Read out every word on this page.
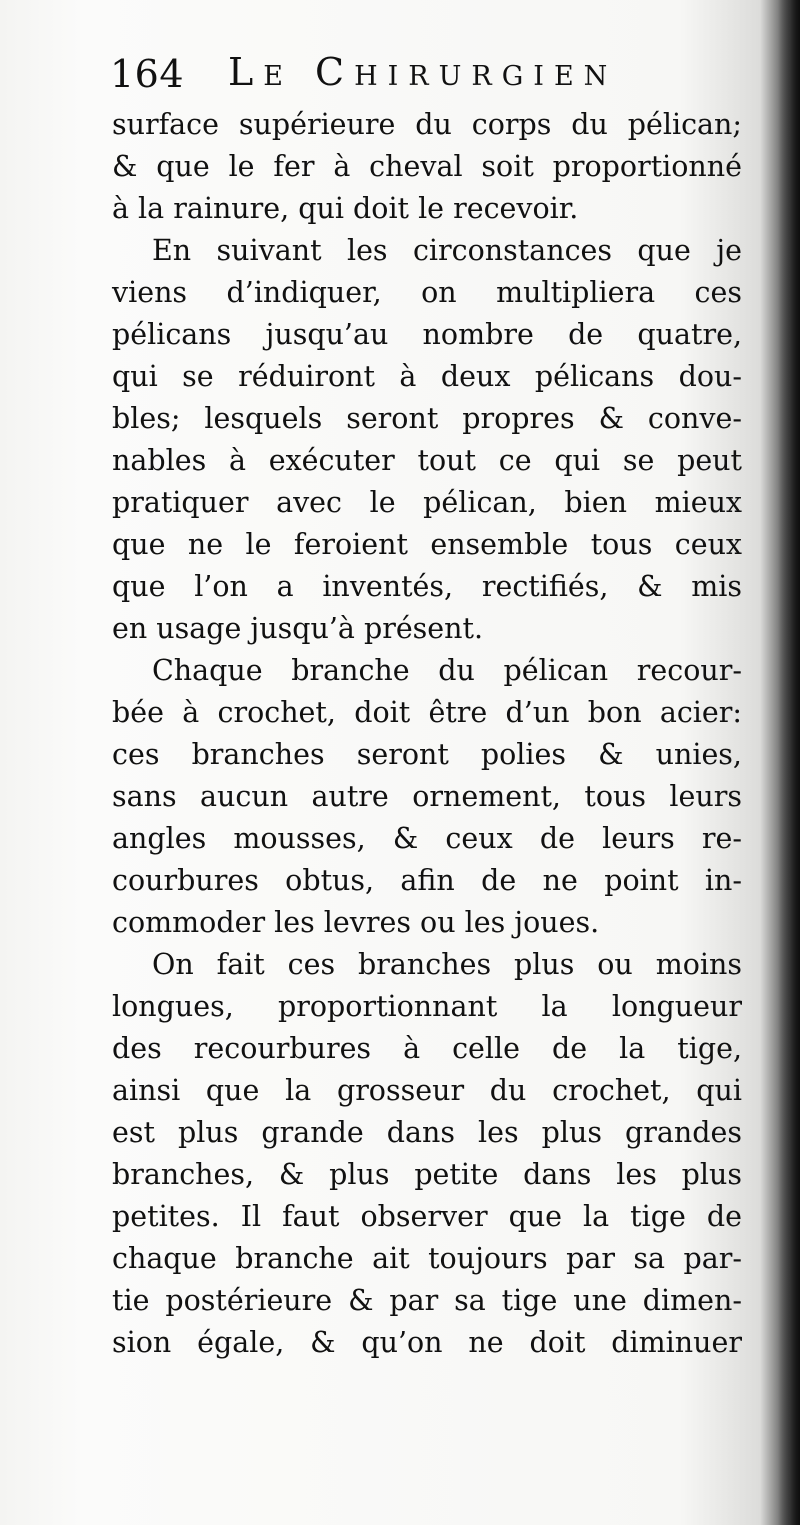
164 Le Chirurgien
surface supérieure du corps du pélican;
& que le fer à cheval soit proportionné
à la rainure, qui doit le recevoir.
En suivant les circonstances que je
viens d’indiquer, on multipliera ces
pélicans jusqu’au nombre de quatre,
qui se réduiront à deux pélicans dou-
bles; lesquels seront propres & conve-
nables à exécuter tout ce qui se peut
pratiquer avec le pélican, bien mieux
que ne le feroient ensemble tous ceux
que l’on a inventés, rectifiés, & mis
en usage jusqu’à présent.
Chaque branche du pélican recour-
bée à crochet, doit être d’un bon acier:
ces branches seront polies & unies,
sans aucun autre ornement, tous leurs
angles mousses, & ceux de leurs re-
courbures obtus, afin de ne point in-
commoder les levres ou les joues.
On fait ces branches plus ou moins
longues, proportionnant la longueur
des recourbures à celle de la tige,
ainsi que la grosseur du crochet, qui
est plus grande dans les plus grandes
branches, & plus petite dans les plus
petites. Il faut observer que la tige de
chaque branche ait toujours par sa par-
tie postérieure & par sa tige une dimen-
sion égale, & qu’on ne doit diminuer
